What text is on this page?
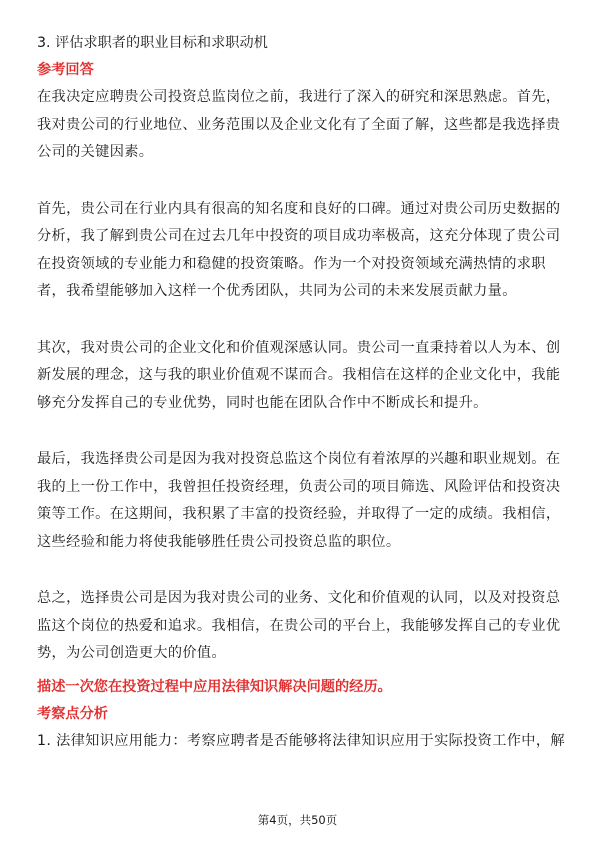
3. 评估求职者的职业目标和求职动机
参考回答
在我决定应聘贵公司投资总监岗位之前，我进行了深入的研究和深思熟虑。首先，
我对贵公司的行业地位、业务范围以及企业文化有了全面了解，这些都是我选择贵
公司的关键因素。
首先，贵公司在行业内具有很高的知名度和良好的口碑。通过对贵公司历史数据的
分析，我了解到贵公司在过去几年中投资的项目成功率极高，这充分体现了贵公司
在投资领域的专业能力和稳健的投资策略。作为一个对投资领域充满热情的求职
者，我希望能够加入这样一个优秀团队，共同为公司的未来发展贡献力量。
其次，我对贵公司的企业文化和价值观深感认同。贵公司一直秉持着以人为本、创
新发展的理念，这与我的职业价值观不谋而合。我相信在这样的企业文化中，我能
够充分发挥自己的专业优势，同时也能在团队合作中不断成长和提升。
最后，我选择贵公司是因为我对投资总监这个岗位有着浓厚的兴趣和职业规划。在
我的上一份工作中，我曾担任投资经理，负责公司的项目筛选、风险评估和投资决
策等工作。在这期间，我积累了丰富的投资经验，并取得了一定的成绩。我相信，
这些经验和能力将使我能够胜任贵公司投资总监的职位。
总之，选择贵公司是因为我对贵公司的业务、文化和价值观的认同，以及对投资总
监这个岗位的热爱和追求。我相信，在贵公司的平台上，我能够发挥自己的专业优
势，为公司创造更大的价值。
描述一次您在投资过程中应用法律知识解决问题的经历。
考察点分析
1. 法律知识应用能力：考察应聘者是否能够将法律知识应用于实际投资工作中，解
第4页，共50页
